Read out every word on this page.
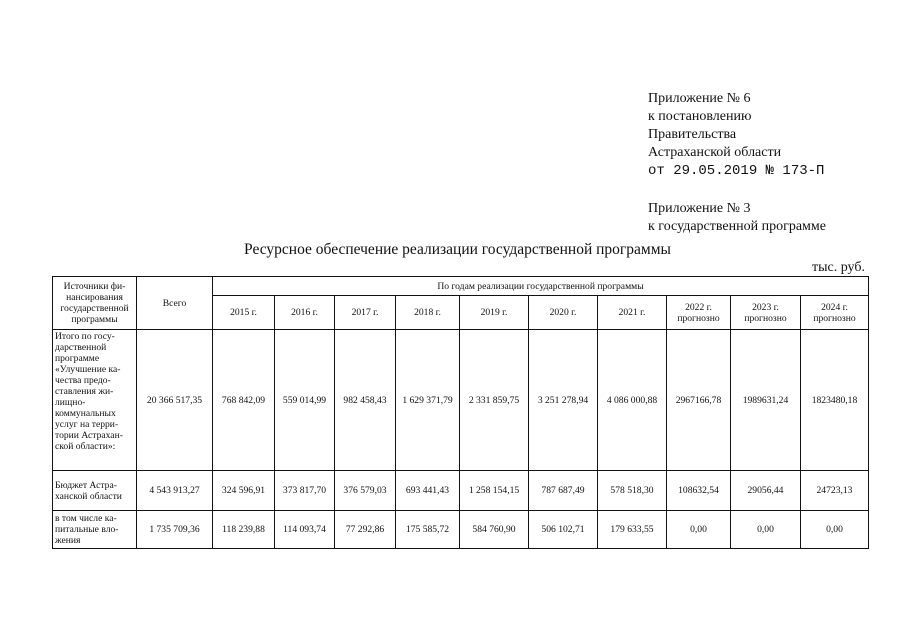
Приложение № 6
к постановлению
Правительства
Астраханской области
от 29.05.2019 № 173-П
Приложение № 3
к государственной программе
Ресурсное обеспечение реализации государственной программы
тыс. руб.
Источники фи-нансирования государственной программы	Всего	По годам реализации государственной программы									
		2015 г.	2016 г.	2017 г.	2018 г.	2019 г.	2020 г.	2021 г.	2022 г. прогнозно	2023 г. прогнозно	2024 г. прогнозно
Итого по госу-дарственной программе «Улучшение ка-чества предо-ставления жи-лищно-коммунальных услуг на терри-тории Астрахан-ской области»:	20 366 517,35	768 842,09	559 014,99	982 458,43	1 629 371,79	2 331 859,75	3 251 278,94	4 086 000,88	2967166,78	1989631,24	1823480,18
Бюджет Астра-ханской области	4 543 913,27	324 596,91	373 817,70	376 579,03	693 441,43	1 258 154,15	787 687,49	578 518,30	108632,54	29056,44	24723,13
в том числе ка-питальные вло-жения	1 735 709,36	118 239,88	114 093,74	77 292,86	175 585,72	584 760,90	506 102,71	179 633,55	0,00	0,00	0,00
